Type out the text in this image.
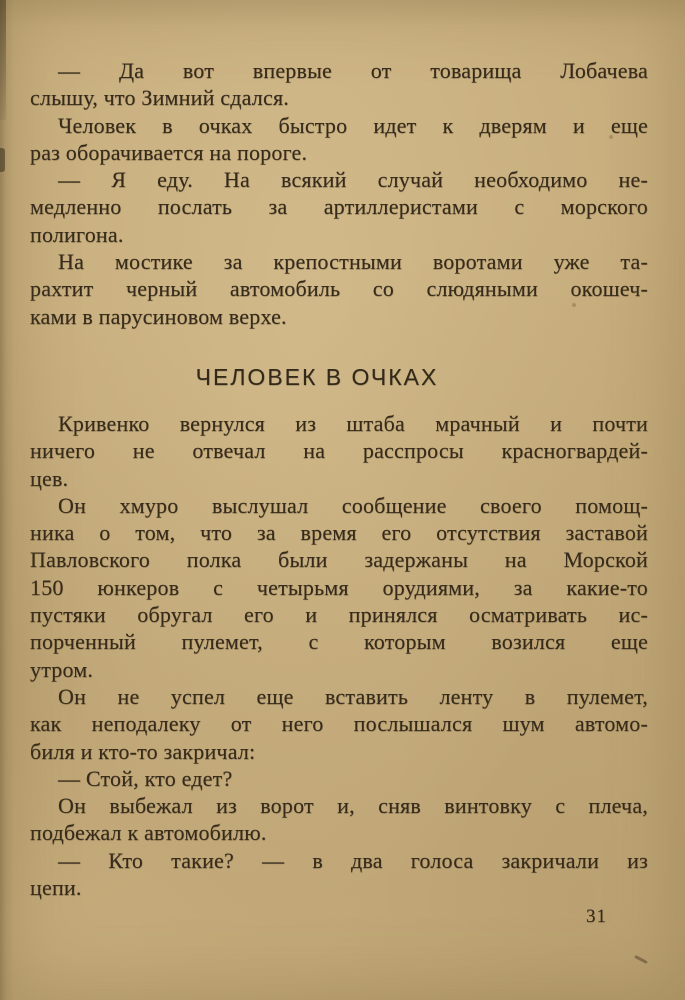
— Да вот впервые от товарища Лобачева
слышу, что Зимний сдался.
Человек в очках быстро идет к дверям и еще
раз оборачивается на пороге.
— Я еду. На всякий случай необходимо не-
медленно послать за артиллеристами с морского
полигона.
На мостике за крепостными воротами уже та-
рахтит черный автомобиль со слюдяными окошеч-
ками в парусиновом верхе.
ЧЕЛОВЕК В ОЧКАХ
Кривенко вернулся из штаба мрачный и почти
ничего не отвечал на расспросы красногвардей-
цев.
Он хмуро выслушал сообщение своего помощ-
ника о том, что за время его отсутствия заставой
Павловского полка были задержаны на Морской
150 юнкеров с четырьмя орудиями, за какие-то
пустяки обругал его и принялся осматривать ис-
порченный пулемет, с которым возился еще
утром.
Он не успел еще вставить ленту в пулемет,
как неподалеку от него послышался шум автомо-
биля и кто-то закричал:
— Стой, кто едет?
Он выбежал из ворот и, сняв винтовку с плеча,
подбежал к автомобилю.
— Кто такие? — в два голоса закричали из
цепи.
31
